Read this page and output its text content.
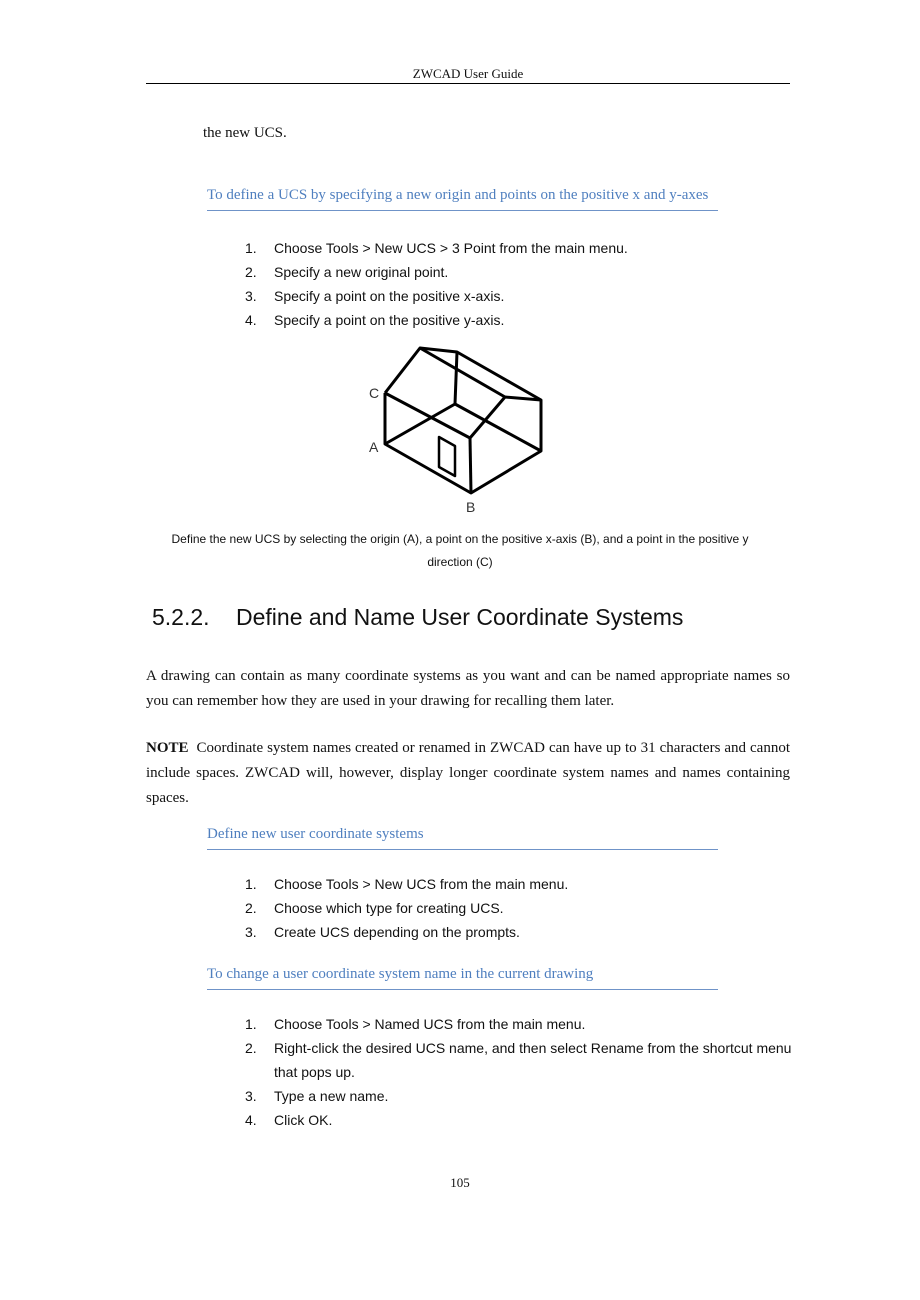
ZWCAD User Guide
the new UCS.
To define a UCS by specifying a new origin and points on the positive x and y-axes
1.	Choose Tools > New UCS > 3 Point from the main menu.
2.	Specify a new original point.
3.	Specify a point on the positive x-axis.
4.	Specify a point on the positive y-axis.
C
A
B
Define the new UCS by selecting the origin (A), a point on the positive x-axis (B), and a point in the positive y
direction (C)
5.2.2. Define and Name User Coordinate Systems
A drawing can contain as many coordinate systems as you want and can be named appropriate names so you can remember how they are used in your drawing for recalling them later.
NOTE Coordinate system names created or renamed in ZWCAD can have up to 31 characters and cannot include spaces. ZWCAD will, however, display longer coordinate system names and names containing spaces.
Define new user coordinate systems
1.	Choose Tools > New UCS from the main menu.
2.	Choose which type for creating UCS.
3.	Create UCS depending on the prompts.
To change a user coordinate system name in the current drawing
1.	Choose Tools > Named UCS from the main menu.
2.	Right-click the desired UCS name, and then select Rename from the shortcut menu
that pops up.
3.	Type a new name.
4.	Click OK.
105
